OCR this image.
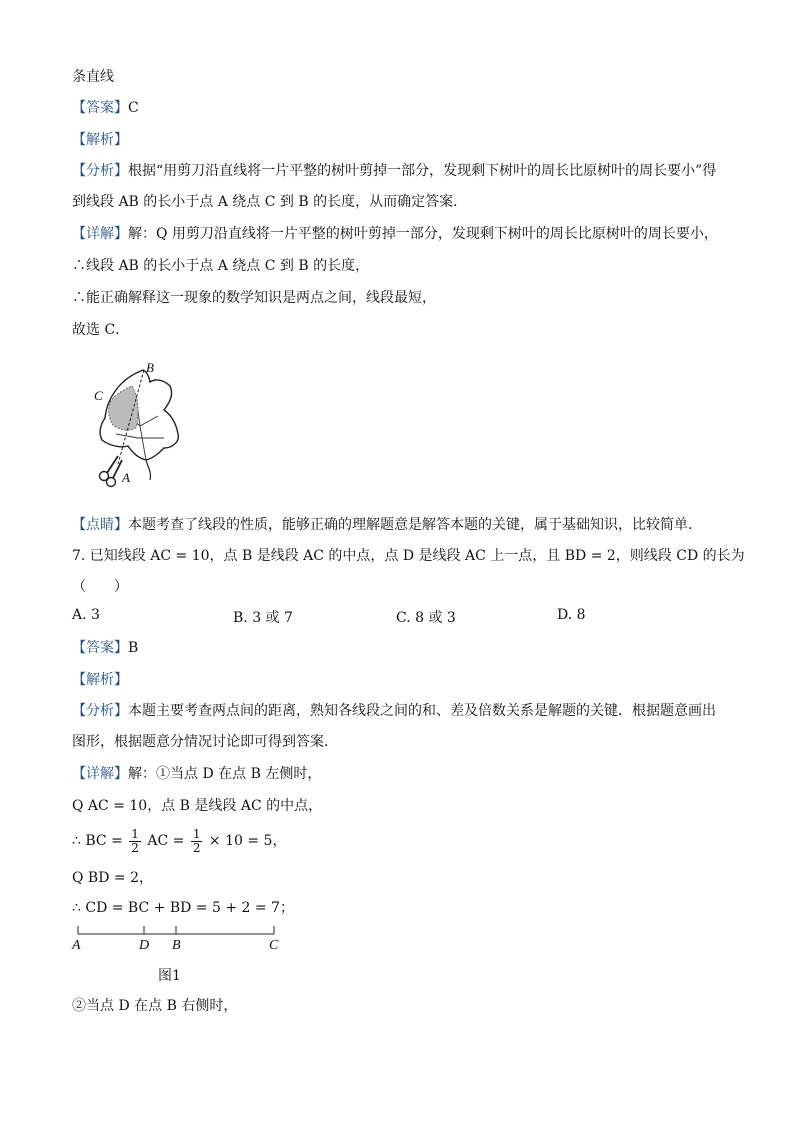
条直线
【答案】C
【解析】
【分析】根据“用剪刀沿直线将一片平整的树叶剪掉一部分，发现剩下树叶的周长比原树叶的周长要小”得
到线段 AB 的长小于点 A 绕点 C 到 B 的长度，从而确定答案．
【详解】解：Q 用剪刀沿直线将一片平整的树叶剪掉一部分，发现剩下树叶的周长比原树叶的周长要小，
∴线段 AB 的长小于点 A 绕点 C 到 B 的长度，
∴能正确解释这一现象的数学知识是两点之间，线段最短，
故选 C．
B
C
A
【点睛】本题考查了线段的性质，能够正确的理解题意是解答本题的关键，属于基础知识，比较简单．
7. 已知线段 AC = 10，点 B 是线段 AC 的中点，点 D 是线段 AC 上一点，且 BD = 2，则线段 CD 的长为
（　　）
A. 3	B. 3 或 7	C. 8 或 3	D. 8
【答案】B
【解析】
【分析】本题主要考查两点间的距离，熟知各线段之间的和、差及倍数关系是解题的关键．根据题意画出
图形，根据题意分情况讨论即可得到答案．
【详解】解：①当点 D 在点 B 左侧时，
Q AC = 10，点 B 是线段 AC 的中点，
∴ BC = $\frac{1}{2}$ AC = $\frac{1}{2} \times 10 = 5$，
Q BD = 2，
∴ CD = BC + BD = 5 + 2 = 7；
A	D B	C
图1
②当点 D 在点 B 右侧时，
